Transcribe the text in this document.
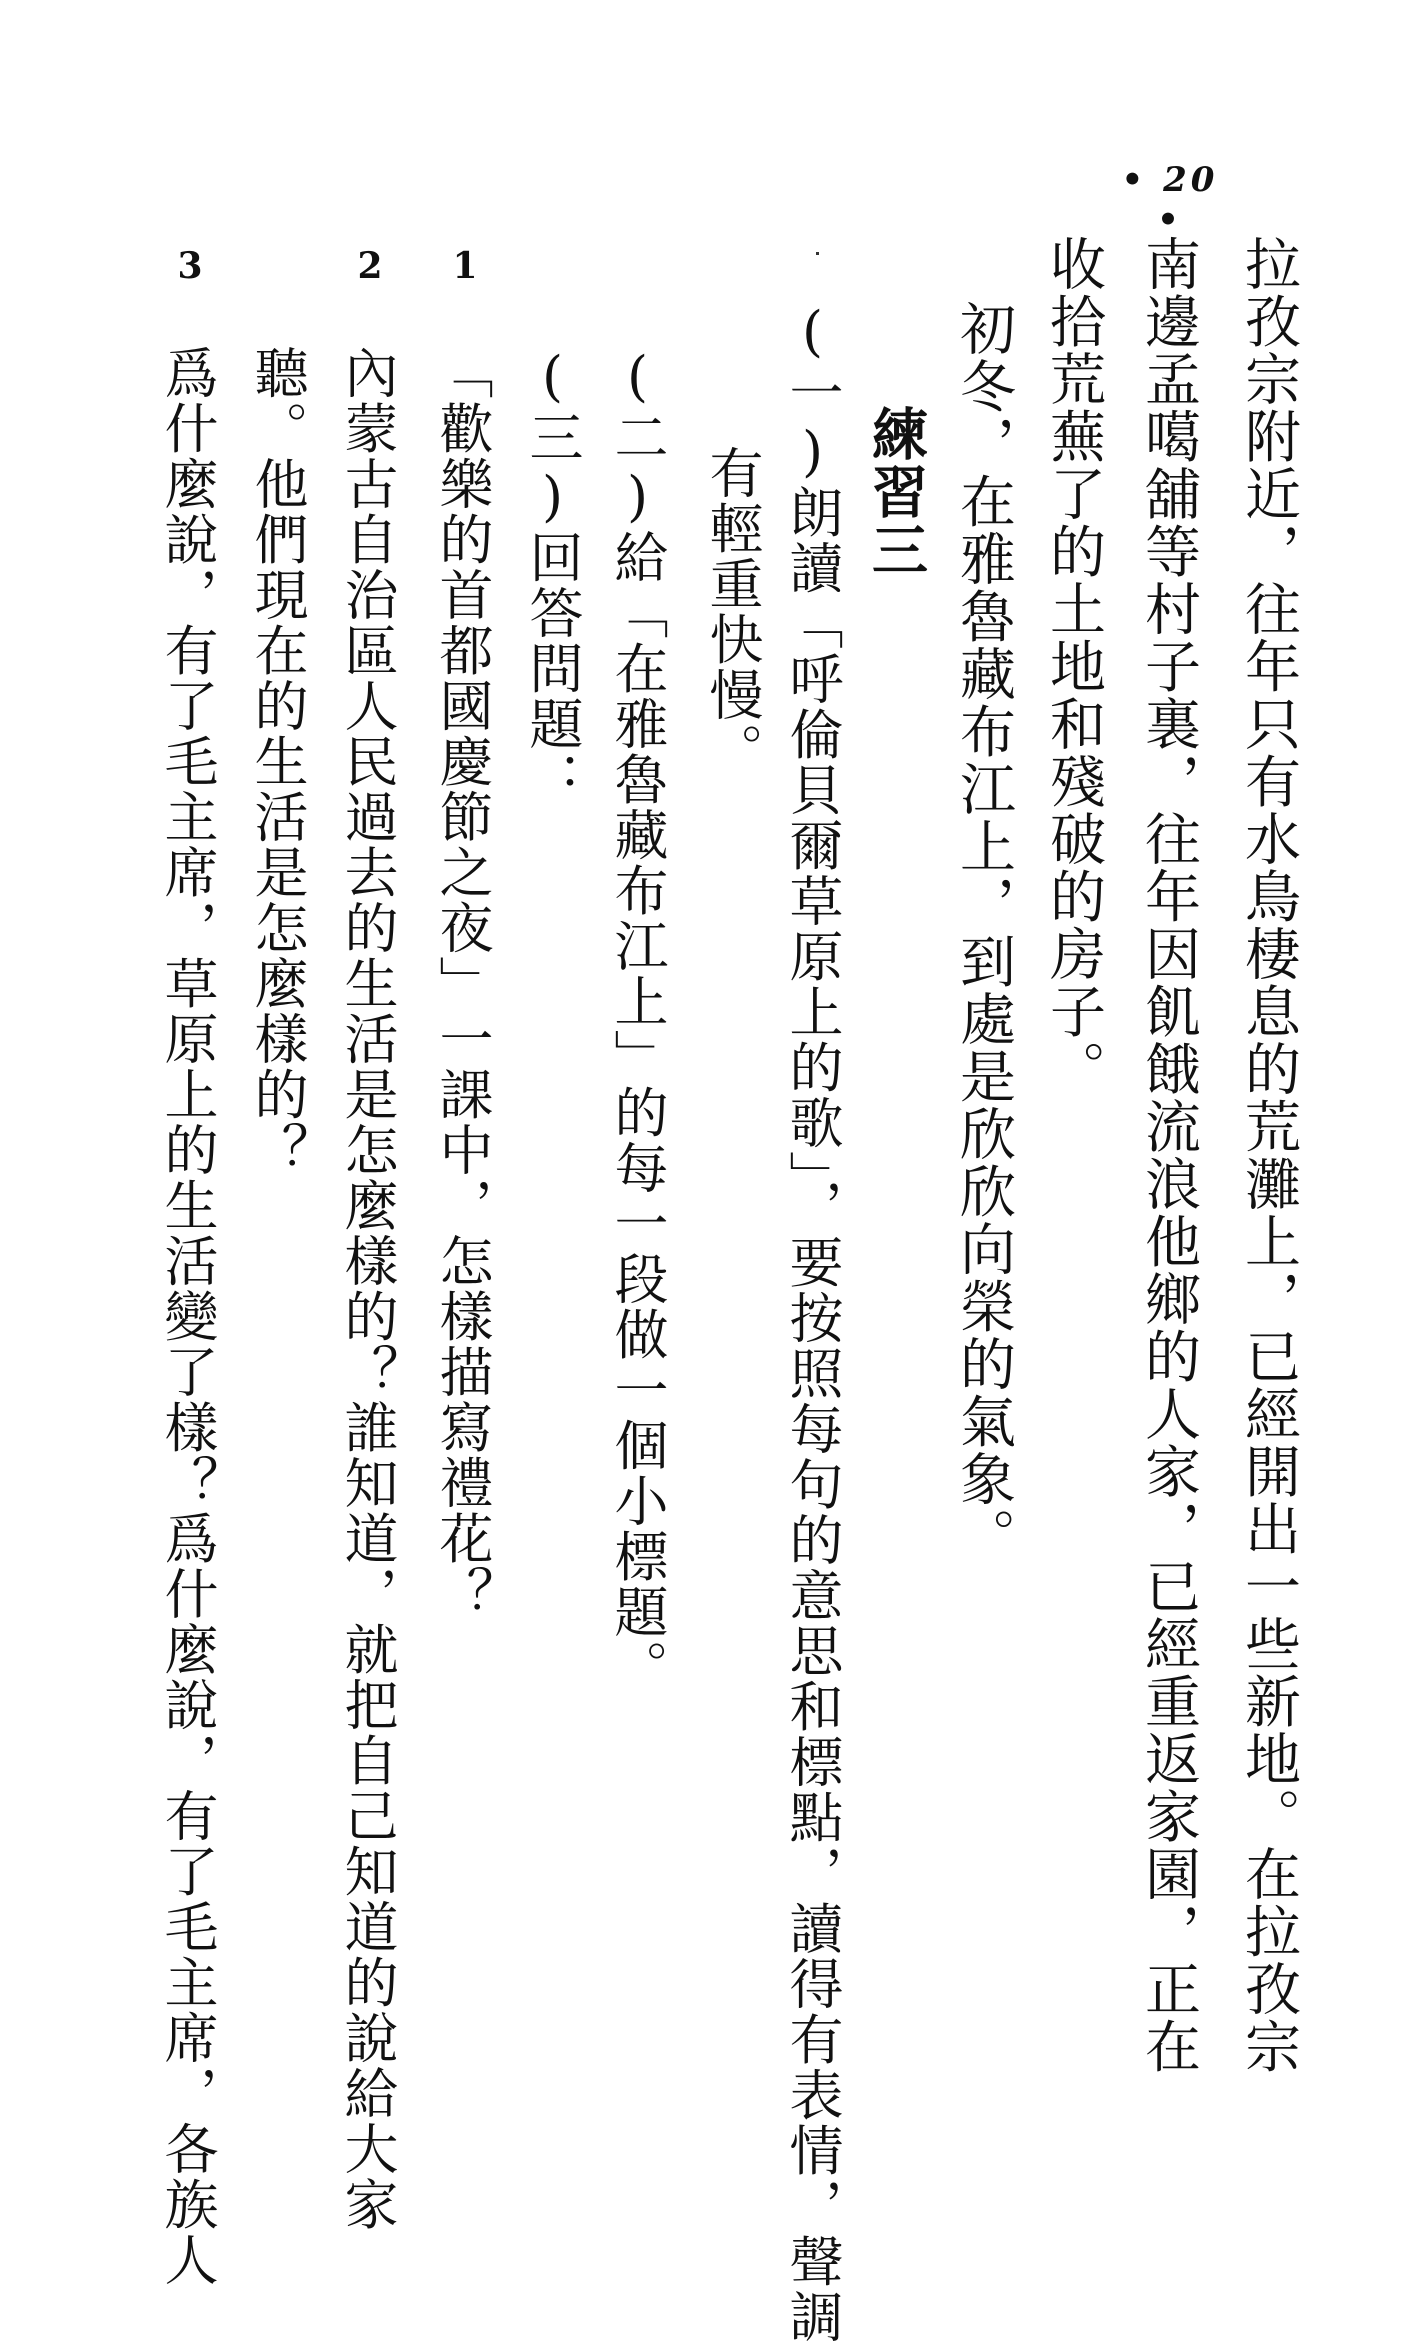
• 20 •
拉孜宗附近，往年只有水鳥棲息的荒灘上，已經開出一些新地。在拉孜宗
南邊孟噶舖等村子裏，往年因飢餓流浪他鄉的人家，已經重返家園，正在
收拾荒蕪了的土地和殘破的房子。
初冬，在雅魯藏布江上，到處是欣欣向榮的氣象。
練習三
(一)朗讀「呼倫貝爾草原上的歌」，要按照每句的意思和標點，讀得有表情，聲調
有輕重快慢。
(二)給「在雅魯藏布江上」的每一段做一個小標題。
(三)回答問題：
1
2
3
「歡樂的首都國慶節之夜」一課中，怎樣描寫禮花？
內蒙古自治區人民過去的生活是怎麼樣的？誰知道，就把自己知道的說給大家
聽。他們現在的生活是怎麼樣的？
爲什麼說，有了毛主席，草原上的生活變了樣？爲什麼說，有了毛主席，各族人
